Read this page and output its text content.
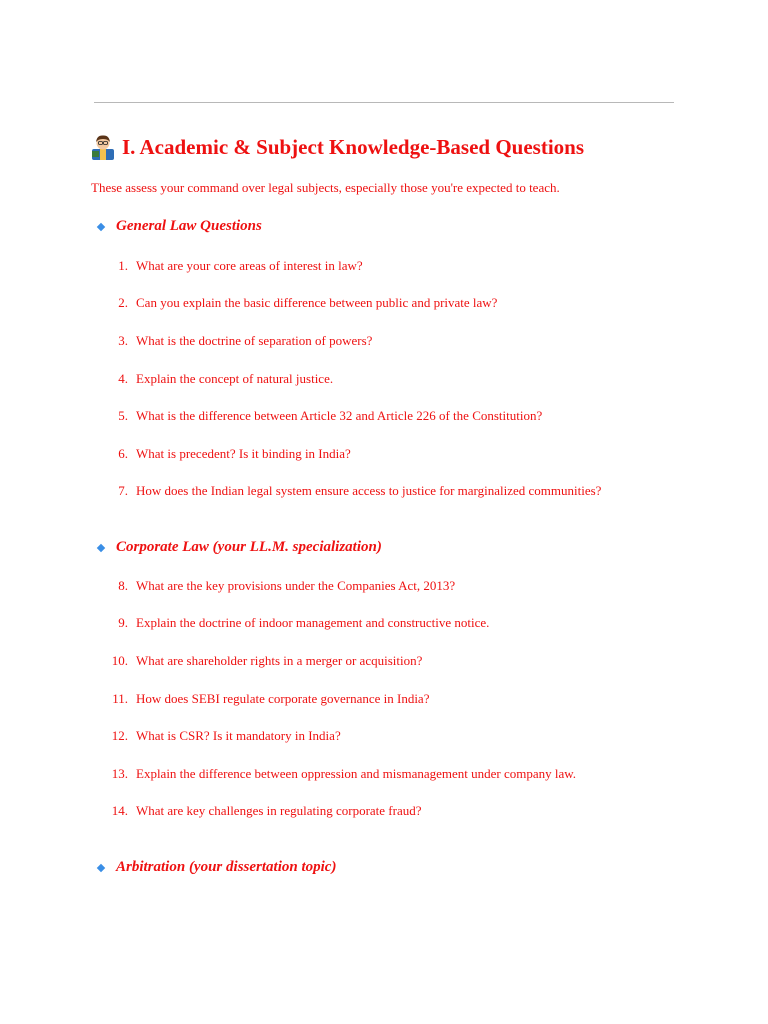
I. Academic & Subject Knowledge-Based Questions

These assess your command over legal subjects, especially those you're expected to teach.

General Law Questions
1. What are your core areas of interest in law?
2. Can you explain the basic difference between public and private law?
3. What is the doctrine of separation of powers?
4. Explain the concept of natural justice.
5. What is the difference between Article 32 and Article 226 of the Constitution?
6. What is precedent? Is it binding in India?
7. How does the Indian legal system ensure access to justice for marginalized communities?
Corporate Law (your LL.M. specialization)
8. What are the key provisions under the Companies Act, 2013?
9. Explain the doctrine of indoor management and constructive notice.
10. What are shareholder rights in a merger or acquisition?
11. How does SEBI regulate corporate governance in India?
12. What is CSR? Is it mandatory in India?
13. Explain the difference between oppression and mismanagement under company law.
14. What are key challenges in regulating corporate fraud?
Arbitration (your dissertation topic)
